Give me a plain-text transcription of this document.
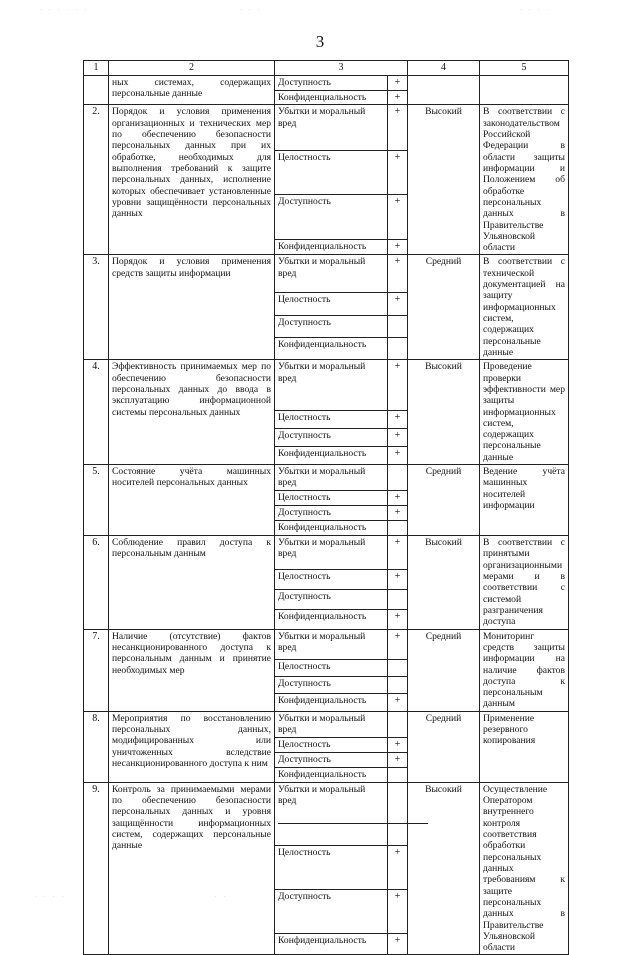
. . . . . .	. . .	. . . .
3
1	2	3		4	5
	ных системах, содержащих персональные данные	Доступность	+		
		Конфиденциальность	+		
2.	Порядок и условия применения организационных и технических мер по обеспечению безопасности персональных данных при их обработке, необходимых для выполнения требований к защите персональных данных, исполнение которых обеспечивает установленные уровни защищённости персональных данных	Убытки и моральный вред	+	Высокий	В соответствии с законодательством Российской Федерации в области защиты информации и Положением об обработке персональных данных в Правительстве Ульяновской области
		Целостность	+		
		Доступность	+		
		Конфиденциальность	+		
3.	Порядок и условия применения средств защиты информации	Убытки и моральный вред	+	Средний	В соответствии с технической документацией на защиту информационных систем, содержащих персональные данные
		Целостность	+		
		Доступность			
		Конфиденциальность			
4.	Эффективность принимаемых мер по обеспечению безопасности персональных данных до ввода в эксплуатацию информационной системы персональных данных	Убытки и моральный вред	+	Высокий	Проведение проверки эффективности мер защиты информационных систем, содержащих персональные данные
		Целостность	+		
		Доступность	+		
		Конфиденциальность	+		
5.	Состояние учёта машинных носителей персональных данных	Убытки и моральный вред		Средний	Ведение учёта машинных носителей информации
		Целостность	+		
		Доступность	+		
		Конфиденциальность			
6.	Соблюдение правил доступа к персональным данным	Убытки и моральный вред	+	Высокий	В соответствии с принятыми организационными мерами и в соответствии с системой разграничения доступа
		Целостность	+		
		Доступность			
		Конфиденциальность	+		
7.	Наличие (отсутствие) фактов несанкционированного доступа к персональным данным и принятие необходимых мер	Убытки и моральный вред	+	Средний	Мониторинг средств защиты информации на наличие фактов доступа к персональным данным
		Целостность			
		Доступность			
		Конфиденциальность	+		
8.	Мероприятия по восстановлению персональных данных, модифицированных или уничтоженных вследствие несанкционированного доступа к ним	Убытки и моральный вред		Средний	Применение резервного копирования
		Целостность	+		
		Доступность	+		
		Конфиденциальность			
9.	Контроль за принимаемыми мерами по обеспечению безопасности персональных данных и уровня защищённости информационных систем, содержащих персональные данные	Убытки и моральный вред		Высокий	Осуществление Оператором внутреннего контроля соответствия обработки персональных данных требованиям к защите персональных данных в Правительстве Ульяновской области
		Целостность	+		
		Доступность	+		
		Конфиденциальность	+		
. . . .	. .
